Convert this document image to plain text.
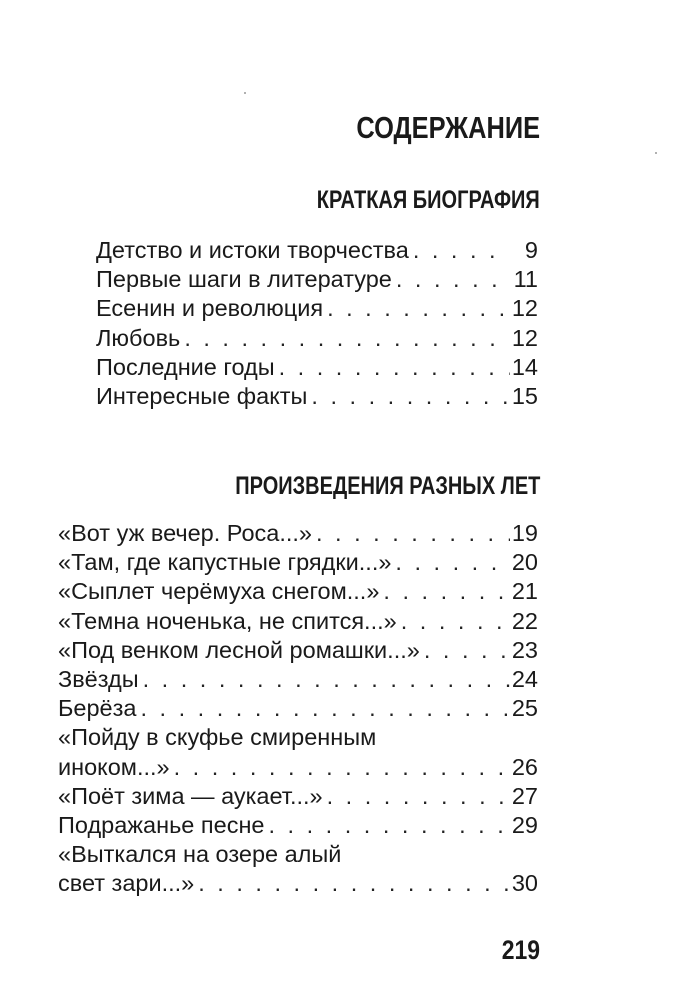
СОДЕРЖАНИЕ
КРАТКАЯ БИОГРАФИЯ
Детство и истоки творчества . . .	9
Первые шаги в литературе . . .	11
Есенин и революция . . .	12
Любовь . . .	12
Последние годы . . .	14
Интересные факты . . .	15
ПРОИЗВЕДЕНИЯ РАЗНЫХ ЛЕТ
«Вот уж вечер. Роса...» . . .	19
«Там, где капустные грядки...» . . .	20
«Сыплет черёмуха снегом...» . . .	21
«Темна ноченька, не спится...» . . .	22
«Под венком лесной ромашки...» . . .	23
Звёзды . . .	24
Берёза . . .	25
«Пойду в скуфье смиренным
иноком...» . . .	26
«Поёт зима — аукает...» . . .	27
Подражанье песне . . .	29
«Выткался на озере алый
свет зари...» . . .	30
219
